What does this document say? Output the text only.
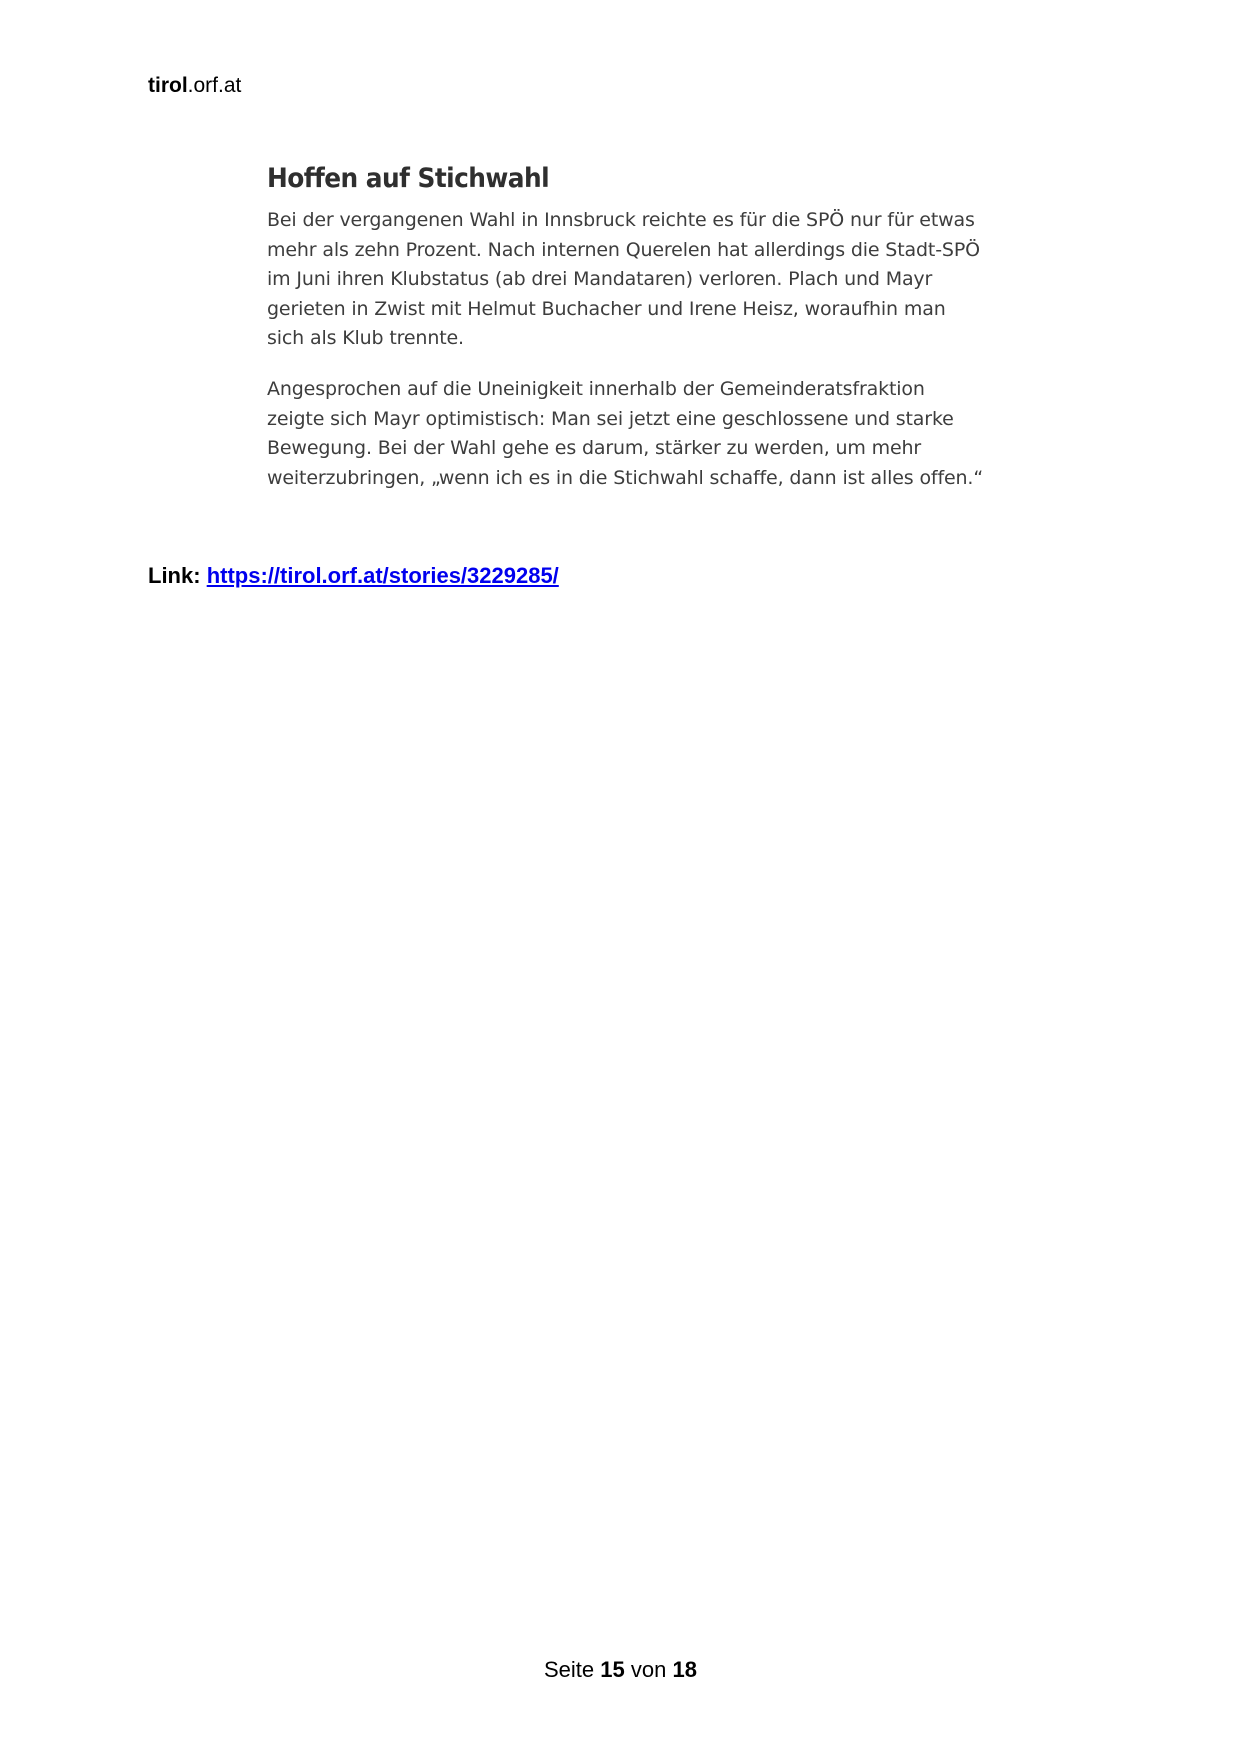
tirol.orf.at
Hoffen auf Stichwahl

Bei der vergangenen Wahl in Innsbruck reichte es für die SPÖ nur für etwas mehr als zehn Prozent. Nach internen Querelen hat allerdings die Stadt-SPÖ im Juni ihren Klubstatus (ab drei Mandataren) verloren. Plach und Mayr gerieten in Zwist mit Helmut Buchacher und Irene Heisz, woraufhin man sich als Klub trennte.

Angesprochen auf die Uneinigkeit innerhalb der Gemeinderatsfraktion zeigte sich Mayr optimistisch: Man sei jetzt eine geschlossene und starke Bewegung. Bei der Wahl gehe es darum, stärker zu werden, um mehr weiterzubringen, „wenn ich es in die Stichwahl schaffe, dann ist alles offen.“

Link: https://tirol.orf.at/stories/3229285/
Seite 15 von 18
